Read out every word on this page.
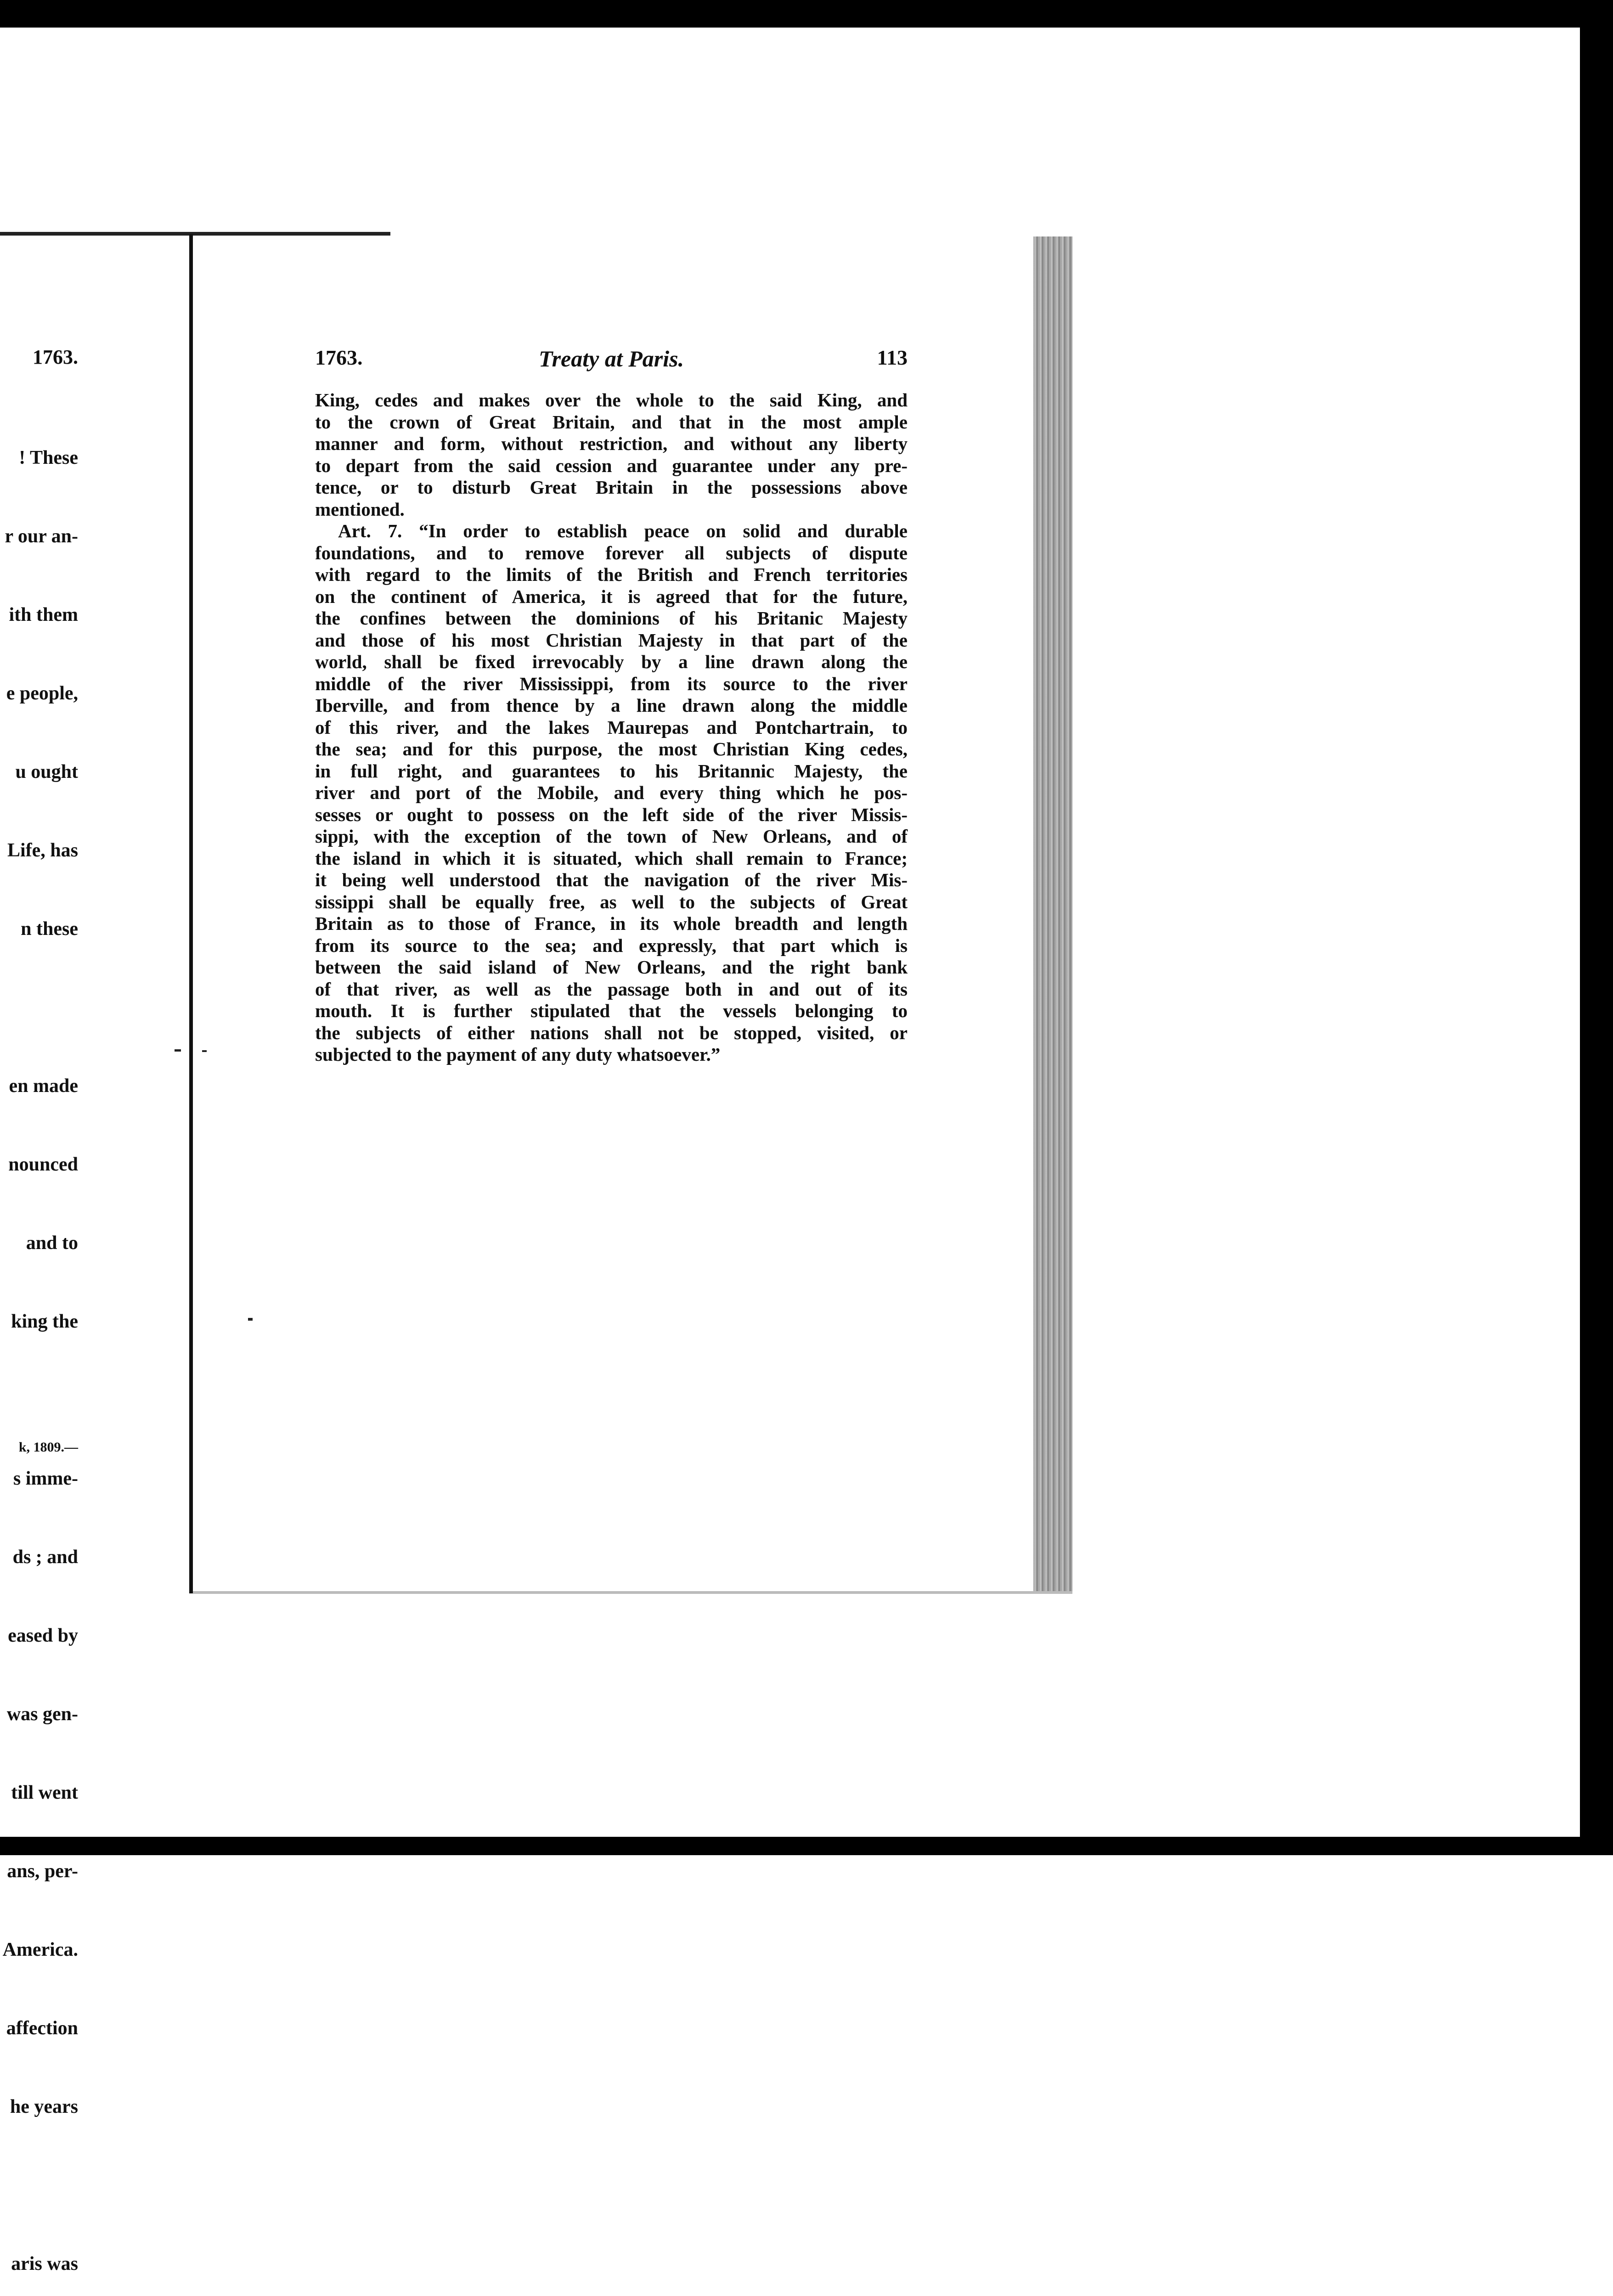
1763.

! These

r our an-

ith them

e people,

u ought

Life, has

n these

en made

nounced

and to

king the

s imme-

ds ; and

eased by

was gen-

till went

ans, per-

America.

affection

he years

aris was

k, 1809.—
1763.	Treaty at Paris.	113
King, cedes and makes over the whole to the said King, and
to the crown of Great Britain, and that in the most ample
manner and form, without restriction, and without any liberty
to depart from the said cession and guarantee under any pre-
tence, or to disturb Great Britain in the possessions above
mentioned.
Art. 7. “In order to establish peace on solid and durable
foundations, and to remove forever all subjects of dispute
with regard to the limits of the British and French territories
on the continent of America, it is agreed that for the future,
the confines between the dominions of his Britanic Majesty
and those of his most Christian Majesty in that part of the
world, shall be fixed irrevocably by a line drawn along the
middle of the river Mississippi, from its source to the river
Iberville, and from thence by a line drawn along the middle
of this river, and the lakes Maurepas and Pontchartrain, to
the sea; and for this purpose, the most Christian King cedes,
in full right, and guarantees to his Britannic Majesty, the
river and port of the Mobile, and every thing which he pos-
sesses or ought to possess on the left side of the river Missis-
sippi, with the exception of the town of New Orleans, and of
the island in which it is situated, which shall remain to France;
it being well understood that the navigation of the river Mis-
sissippi shall be equally free, as well to the subjects of Great
Britain as to those of France, in its whole breadth and length
from its source to the sea; and expressly, that part which is
between the said island of New Orleans, and the right bank
of that river, as well as the passage both in and out of its
mouth. It is further stipulated that the vessels belonging to
the subjects of either nations shall not be stopped, visited, or
subjected to the payment of any duty whatsoever.”
